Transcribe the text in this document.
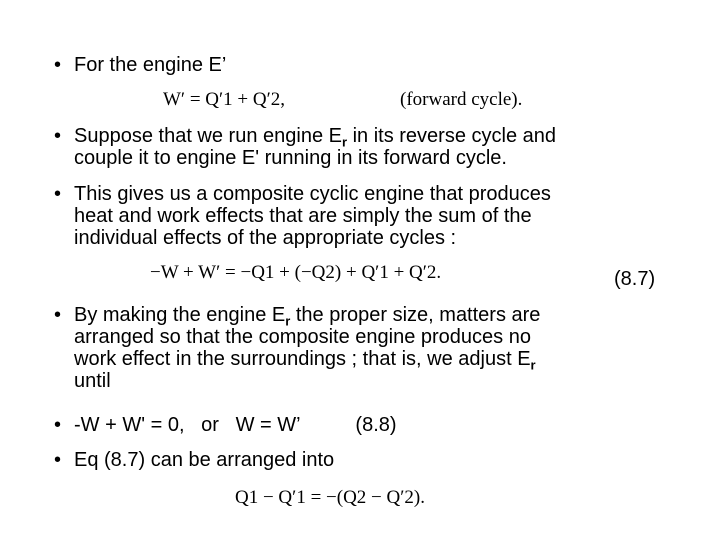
• For the engine E’
W′ = Q′1 + Q′2,	(forward cycle).
• Suppose that we run engine $E_r$ in its reverse cycle and
couple it to engine E' running in its forward cycle.
• This gives us a composite cyclic engine that produces
heat and work effects that are simply the sum of the
individual effects of the appropriate cycles :
−W + W′ = −Q1 + (−Q2) + Q′1 + Q′2.	(8.7)
• By making the engine $E_r$ the proper size, matters are
arranged so that the composite engine produces no
work effect in the surroundings ; that is, we adjust $E_r$
until
• -W + W' = 0,   or   W = W’          (8.8)
• Eq (8.7) can be arranged into
Q1 − Q′1 = −(Q2 − Q′2).
